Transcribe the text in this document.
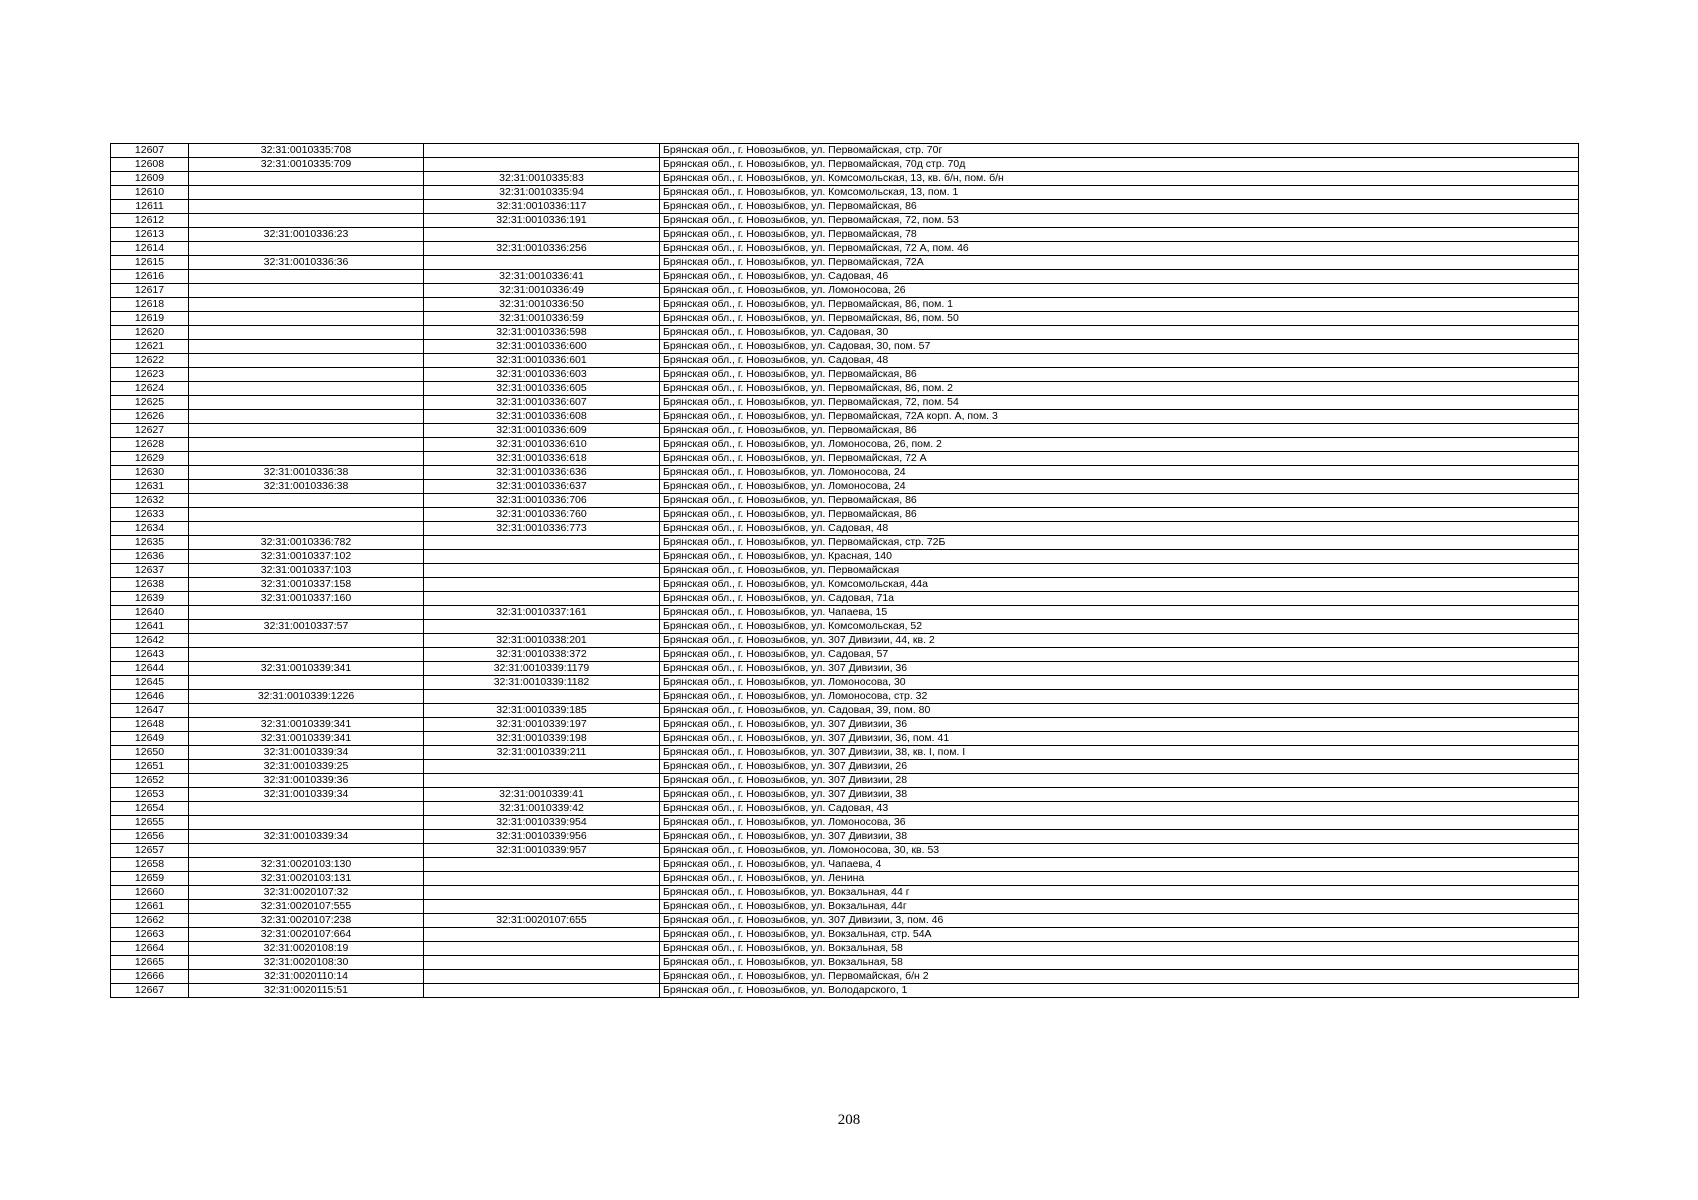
12607	32:31:0010335:708		Брянская обл., г. Новозыбков, ул. Первомайская, стр. 70г
12608	32:31:0010335:709		Брянская обл., г. Новозыбков, ул. Первомайская, 70д стр. 70д
12609		32:31:0010335:83	Брянская обл., г. Новозыбков, ул. Комсомольская, 13, кв. б/н, пом. б/н
12610		32:31:0010335:94	Брянская обл., г. Новозыбков, ул. Комсомольская, 13, пом. 1
12611		32:31:0010336:117	Брянская обл., г. Новозыбков, ул. Первомайская, 86
12612		32:31:0010336:191	Брянская обл., г. Новозыбков, ул. Первомайская, 72, пом. 53
12613	32:31:0010336:23		Брянская обл., г. Новозыбков, ул. Первомайская, 78
12614		32:31:0010336:256	Брянская обл., г. Новозыбков, ул. Первомайская, 72 А, пом. 46
12615	32:31:0010336:36		Брянская обл., г. Новозыбков, ул. Первомайская, 72А
12616		32:31:0010336:41	Брянская обл., г. Новозыбков, ул. Садовая, 46
12617		32:31:0010336:49	Брянская обл., г. Новозыбков, ул. Ломоносова, 26
12618		32:31:0010336:50	Брянская обл., г. Новозыбков, ул. Первомайская, 86, пом. 1
12619		32:31:0010336:59	Брянская обл., г. Новозыбков, ул. Первомайская, 86, пом. 50
12620		32:31:0010336:598	Брянская обл., г. Новозыбков, ул. Садовая, 30
12621		32:31:0010336:600	Брянская обл., г. Новозыбков, ул. Садовая, 30, пом. 57
12622		32:31:0010336:601	Брянская обл., г. Новозыбков, ул. Садовая, 48
12623		32:31:0010336:603	Брянская обл., г. Новозыбков, ул. Первомайская, 86
12624		32:31:0010336:605	Брянская обл., г. Новозыбков, ул. Первомайская, 86, пом. 2
12625		32:31:0010336:607	Брянская обл., г. Новозыбков, ул. Первомайская, 72, пом. 54
12626		32:31:0010336:608	Брянская обл., г. Новозыбков, ул. Первомайская, 72А корп. А, пом. 3
12627		32:31:0010336:609	Брянская обл., г. Новозыбков, ул. Первомайская, 86
12628		32:31:0010336:610	Брянская обл., г. Новозыбков, ул. Ломоносова, 26, пом. 2
12629		32:31:0010336:618	Брянская обл., г. Новозыбков, ул. Первомайская, 72 А
12630	32:31:0010336:38	32:31:0010336:636	Брянская обл., г. Новозыбков, ул. Ломоносова, 24
12631	32:31:0010336:38	32:31:0010336:637	Брянская обл., г. Новозыбков, ул. Ломоносова, 24
12632		32:31:0010336:706	Брянская обл., г. Новозыбков, ул. Первомайская, 86
12633		32:31:0010336:760	Брянская обл., г. Новозыбков, ул. Первомайская, 86
12634		32:31:0010336:773	Брянская обл., г. Новозыбков, ул. Садовая, 48
12635	32:31:0010336:782		Брянская обл., г. Новозыбков, ул. Первомайская, стр. 72Б
12636	32:31:0010337:102		Брянская обл., г. Новозыбков, ул. Красная, 140
12637	32:31:0010337:103		Брянская обл., г. Новозыбков, ул. Первомайская
12638	32:31:0010337:158		Брянская обл., г. Новозыбков, ул. Комсомольская, 44а
12639	32:31:0010337:160		Брянская обл., г. Новозыбков, ул. Садовая, 71а
12640		32:31:0010337:161	Брянская обл., г. Новозыбков, ул. Чапаева, 15
12641	32:31:0010337:57		Брянская обл., г. Новозыбков, ул. Комсомольская, 52
12642		32:31:0010338:201	Брянская обл., г. Новозыбков, ул. 307 Дивизии, 44, кв. 2
12643		32:31:0010338:372	Брянская обл., г. Новозыбков, ул. Садовая, 57
12644	32:31:0010339:341	32:31:0010339:1179	Брянская обл., г. Новозыбков, ул. 307 Дивизии, 36
12645		32:31:0010339:1182	Брянская обл., г. Новозыбков, ул. Ломоносова, 30
12646	32:31:0010339:1226		Брянская обл., г. Новозыбков, ул. Ломоносова, стр. 32
12647		32:31:0010339:185	Брянская обл., г. Новозыбков, ул. Садовая, 39, пом. 80
12648	32:31:0010339:341	32:31:0010339:197	Брянская обл., г. Новозыбков, ул. 307 Дивизии, 36
12649	32:31:0010339:341	32:31:0010339:198	Брянская обл., г. Новозыбков, ул. 307 Дивизии, 36, пом. 41
12650	32:31:0010339:34	32:31:0010339:211	Брянская обл., г. Новозыбков, ул. 307 Дивизии, 38, кв. I, пом. I
12651	32:31:0010339:25		Брянская обл., г. Новозыбков, ул. 307 Дивизии, 26
12652	32:31:0010339:36		Брянская обл., г. Новозыбков, ул. 307 Дивизии, 28
12653	32:31:0010339:34	32:31:0010339:41	Брянская обл., г. Новозыбков, ул. 307 Дивизии, 38
12654		32:31:0010339:42	Брянская обл., г. Новозыбков, ул. Садовая, 43
12655		32:31:0010339:954	Брянская обл., г. Новозыбков, ул. Ломоносова, 36
12656	32:31:0010339:34	32:31:0010339:956	Брянская обл., г. Новозыбков, ул. 307 Дивизии, 38
12657		32:31:0010339:957	Брянская обл., г. Новозыбков, ул. Ломоносова, 30, кв. 53
12658	32:31:0020103:130		Брянская обл., г. Новозыбков, ул. Чапаева, 4
12659	32:31:0020103:131		Брянская обл., г. Новозыбков, ул. Ленина
12660	32:31:0020107:32		Брянская обл., г. Новозыбков, ул. Вокзальная, 44 г
12661	32:31:0020107:555		Брянская обл., г. Новозыбков, ул. Вокзальная, 44г
12662	32:31:0020107:238	32:31:0020107:655	Брянская обл., г. Новозыбков, ул. 307 Дивизии, 3, пом. 46
12663	32:31:0020107:664		Брянская обл., г. Новозыбков, ул. Вокзальная, стр. 54А
12664	32:31:0020108:19		Брянская обл., г. Новозыбков, ул. Вокзальная, 58
12665	32:31:0020108:30		Брянская обл., г. Новозыбков, ул. Вокзальная, 58
12666	32:31:0020110:14		Брянская обл., г. Новозыбков, ул. Первомайская, б/н 2
12667	32:31:0020115:51		Брянская обл., г. Новозыбков, ул. Володарского, 1
208
